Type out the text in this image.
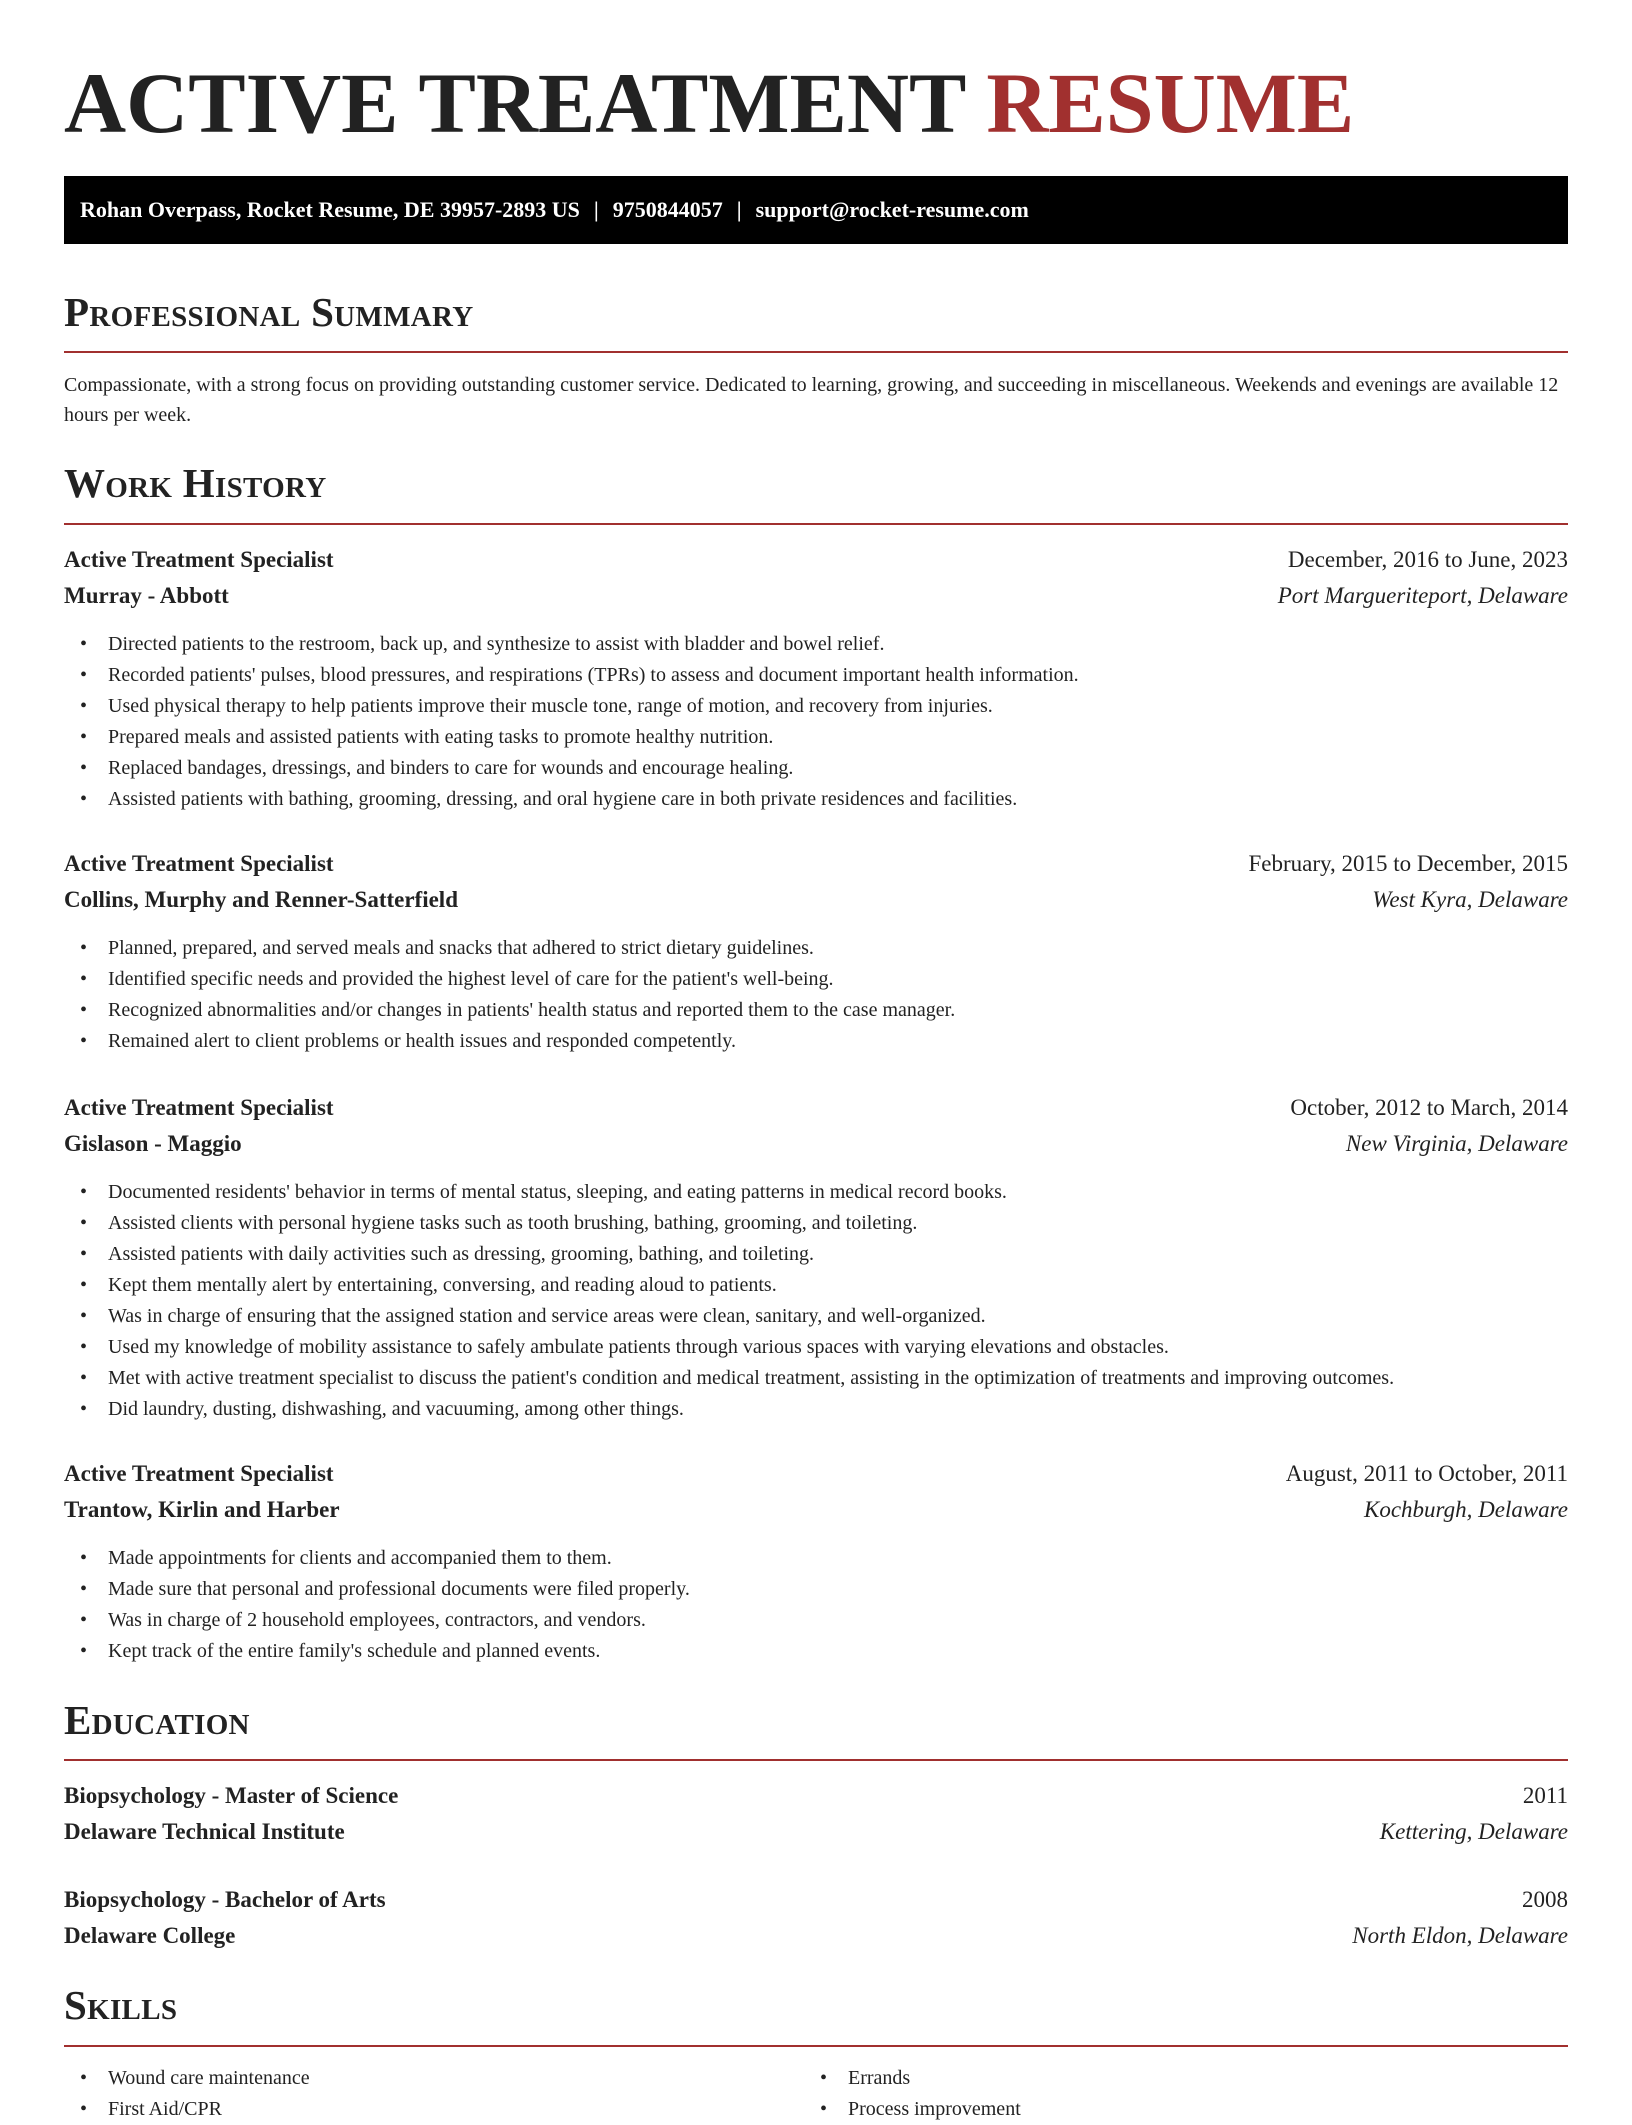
ACTIVE TREATMENT RESUME
Rohan Overpass, Rocket Resume, DE 39957-2893 US | 9750844057 | support@rocket-resume.com
Professional Summary

Compassionate, with a strong focus on providing outstanding customer service. Dedicated to learning, growing, and succeeding in miscellaneous. Weekends and evenings are available 12 hours per week.

Work History
Active Treatment Specialist	December, 2016 to June, 2023
Murray - Abbott	Port Margueriteport, Delaware
• Directed patients to the restroom, back up, and synthesize to assist with bladder and bowel relief.
• Recorded patients' pulses, blood pressures, and respirations (TPRs) to assess and document important health information.
• Used physical therapy to help patients improve their muscle tone, range of motion, and recovery from injuries.
• Prepared meals and assisted patients with eating tasks to promote healthy nutrition.
• Replaced bandages, dressings, and binders to care for wounds and encourage healing.
• Assisted patients with bathing, grooming, dressing, and oral hygiene care in both private residences and facilities.
Active Treatment Specialist	February, 2015 to December, 2015
Collins, Murphy and Renner-Satterfield	West Kyra, Delaware
• Planned, prepared, and served meals and snacks that adhered to strict dietary guidelines.
• Identified specific needs and provided the highest level of care for the patient's well-being.
• Recognized abnormalities and/or changes in patients' health status and reported them to the case manager.
• Remained alert to client problems or health issues and responded competently.
Active Treatment Specialist	October, 2012 to March, 2014
Gislason - Maggio	New Virginia, Delaware
• Documented residents' behavior in terms of mental status, sleeping, and eating patterns in medical record books.
• Assisted clients with personal hygiene tasks such as tooth brushing, bathing, grooming, and toileting.
• Assisted patients with daily activities such as dressing, grooming, bathing, and toileting.
• Kept them mentally alert by entertaining, conversing, and reading aloud to patients.
• Was in charge of ensuring that the assigned station and service areas were clean, sanitary, and well-organized.
• Used my knowledge of mobility assistance to safely ambulate patients through various spaces with varying elevations and obstacles.
• Met with active treatment specialist to discuss the patient's condition and medical treatment, assisting in the optimization of treatments and improving outcomes.
• Did laundry, dusting, dishwashing, and vacuuming, among other things.
Active Treatment Specialist	August, 2011 to October, 2011
Trantow, Kirlin and Harber	Kochburgh, Delaware
• Made appointments for clients and accompanied them to them.
• Made sure that personal and professional documents were filed properly.
• Was in charge of 2 household employees, contractors, and vendors.
• Kept track of the entire family's schedule and planned events.
Education
Biopsychology - Master of Science	2011
Delaware Technical Institute	Kettering, Delaware
Biopsychology - Bachelor of Arts	2008
Delaware College	North Eldon, Delaware
Skills
• Wound care maintenance
• First Aid/CPR
• Errands
• Process improvement
